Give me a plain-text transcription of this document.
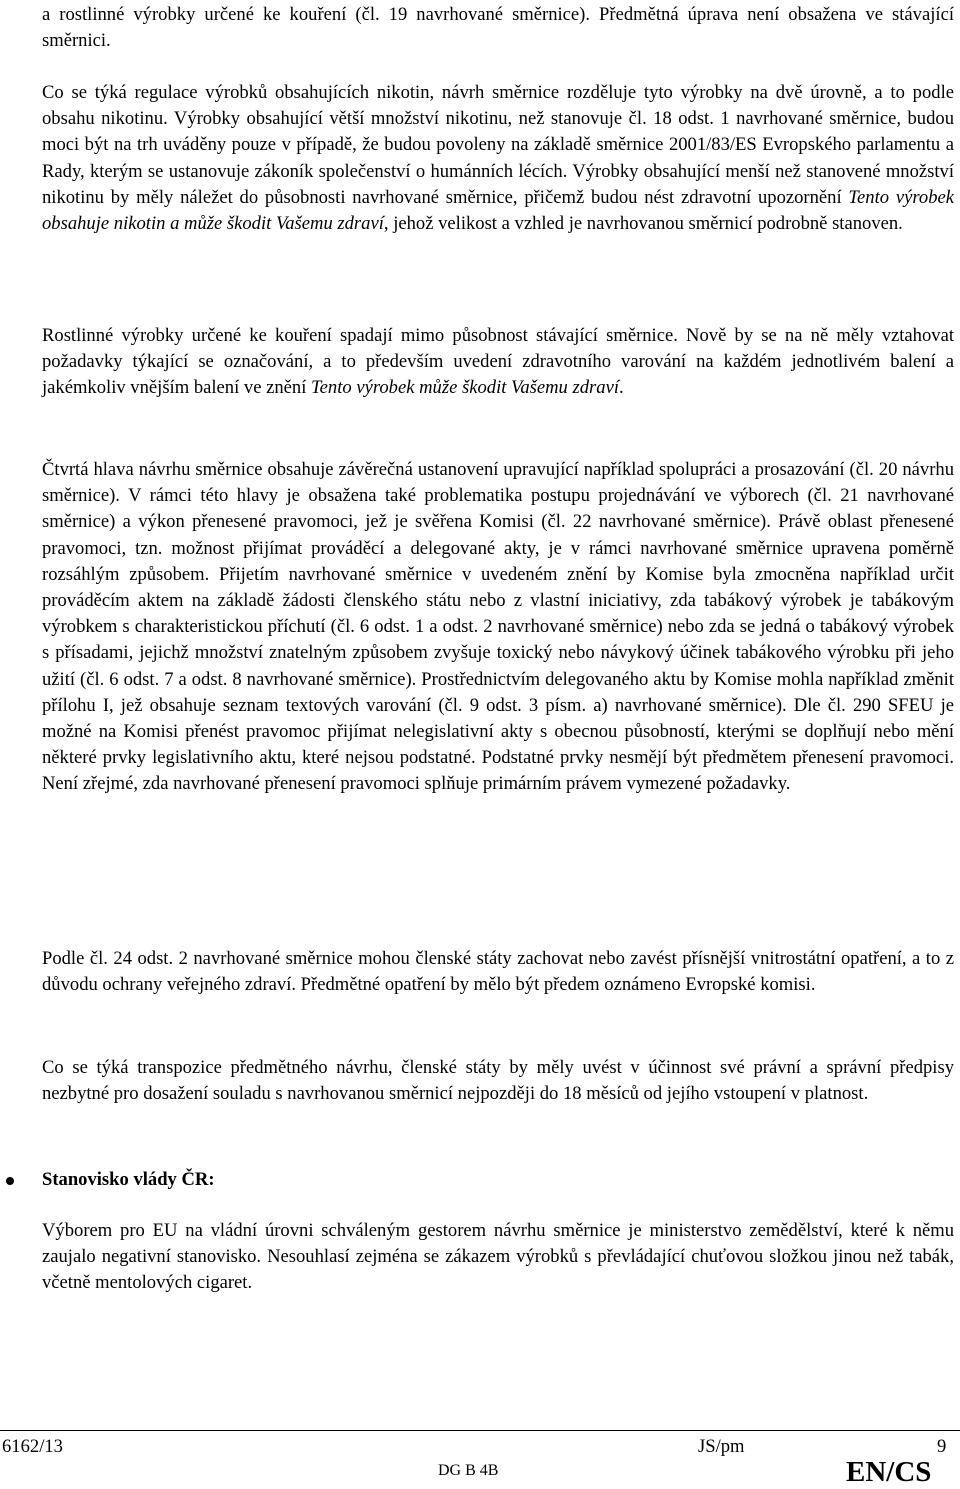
a rostlinné výrobky určené ke kouření (čl. 19 navrhované směrnice). Předmětná úprava není obsažena ve stávající směrnici.

Co se týká regulace výrobků obsahujících nikotin, návrh směrnice rozděluje tyto výrobky na dvě úrovně, a to podle obsahu nikotinu. Výrobky obsahující větší množství nikotinu, než stanovuje čl. 18 odst. 1 navrhované směrnice, budou moci být na trh uváděny pouze v případě, že budou povoleny na základě směrnice 2001/83/ES Evropského parlamentu a Rady, kterým se ustanovuje zákoník společenství o humánních lécích. Výrobky obsahující menší než stanovené množství nikotinu by měly náležet do působnosti navrhované směrnice, přičemž budou nést zdravotní upozornění Tento výrobek obsahuje nikotin a může škodit Vašemu zdraví, jehož velikost a vzhled je navrhovanou směrnicí podrobně stanoven.

Rostlinné výrobky určené ke kouření spadají mimo působnost stávající směrnice. Nově by se na ně měly vztahovat požadavky týkající se označování, a to především uvedení zdravotního varování na každém jednotlivém balení a jakémkoliv vnějším balení ve znění Tento výrobek může škodit Vašemu zdraví.

Čtvrtá hlava návrhu směrnice obsahuje závěrečná ustanovení upravující například spolupráci a prosazování (čl. 20 návrhu směrnice). V rámci této hlavy je obsažena také problematika postupu projednávání ve výborech (čl. 21 navrhované směrnice) a výkon přenesené pravomoci, jež je svěřena Komisi (čl. 22 navrhované směrnice). Právě oblast přenesené pravomoci, tzn. možnost přijímat prováděcí a delegované akty, je v rámci navrhované směrnice upravena poměrně rozsáhlým způsobem. Přijetím navrhované směrnice v uvedeném znění by Komise byla zmocněna například určit prováděcím aktem na základě žádosti členského státu nebo z vlastní iniciativy, zda tabákový výrobek je tabákovým výrobkem s charakteristickou příchutí (čl. 6 odst. 1 a odst. 2 navrhované směrnice) nebo zda se jedná o tabákový výrobek s přísadami, jejichž množství znatelným způsobem zvyšuje toxický nebo návykový účinek tabákového výrobku při jeho užití (čl. 6 odst. 7 a odst. 8 navrhované směrnice). Prostřednictvím delegovaného aktu by Komise mohla například změnit přílohu I, jež obsahuje seznam textových varování (čl. 9 odst. 3 písm. a) navrhované směrnice). Dle čl. 290 SFEU je možné na Komisi přenést pravomoc přijímat nelegislativní akty s obecnou působností, kterými se doplňují nebo mění některé prvky legislativního aktu, které nejsou podstatné. Podstatné prvky nesmějí být předmětem přenesení pravomoci. Není zřejmé, zda navrhované přenesení pravomoci splňuje primárním právem vymezené požadavky.

Podle čl. 24 odst. 2 navrhované směrnice mohou členské státy zachovat nebo zavést přísnější vnitrostátní opatření, a to z důvodu ochrany veřejného zdraví. Předmětné opatření by mělo být předem oznámeno Evropské komisi.

Co se týká transpozice předmětného návrhu, členské státy by měly uvést v účinnost své právní a správní předpisy nezbytné pro dosažení souladu s navrhovanou směrnicí nejpozději do 18 měsíců od jejího vstoupení v platnost.

Výborem pro EU na vládní úrovni schváleným gestorem návrhu směrnice je ministerstvo zemědělství, které k němu zaujalo negativní stanovisko. Nesouhlasí zejména se zákazem výrobků s převládající chuťovou složkou jinou než tabák, včetně mentolových cigaret.

Stanovisko vlády ČR:
6162/13	JS/pm	9
DG B 4B	EN/CS
